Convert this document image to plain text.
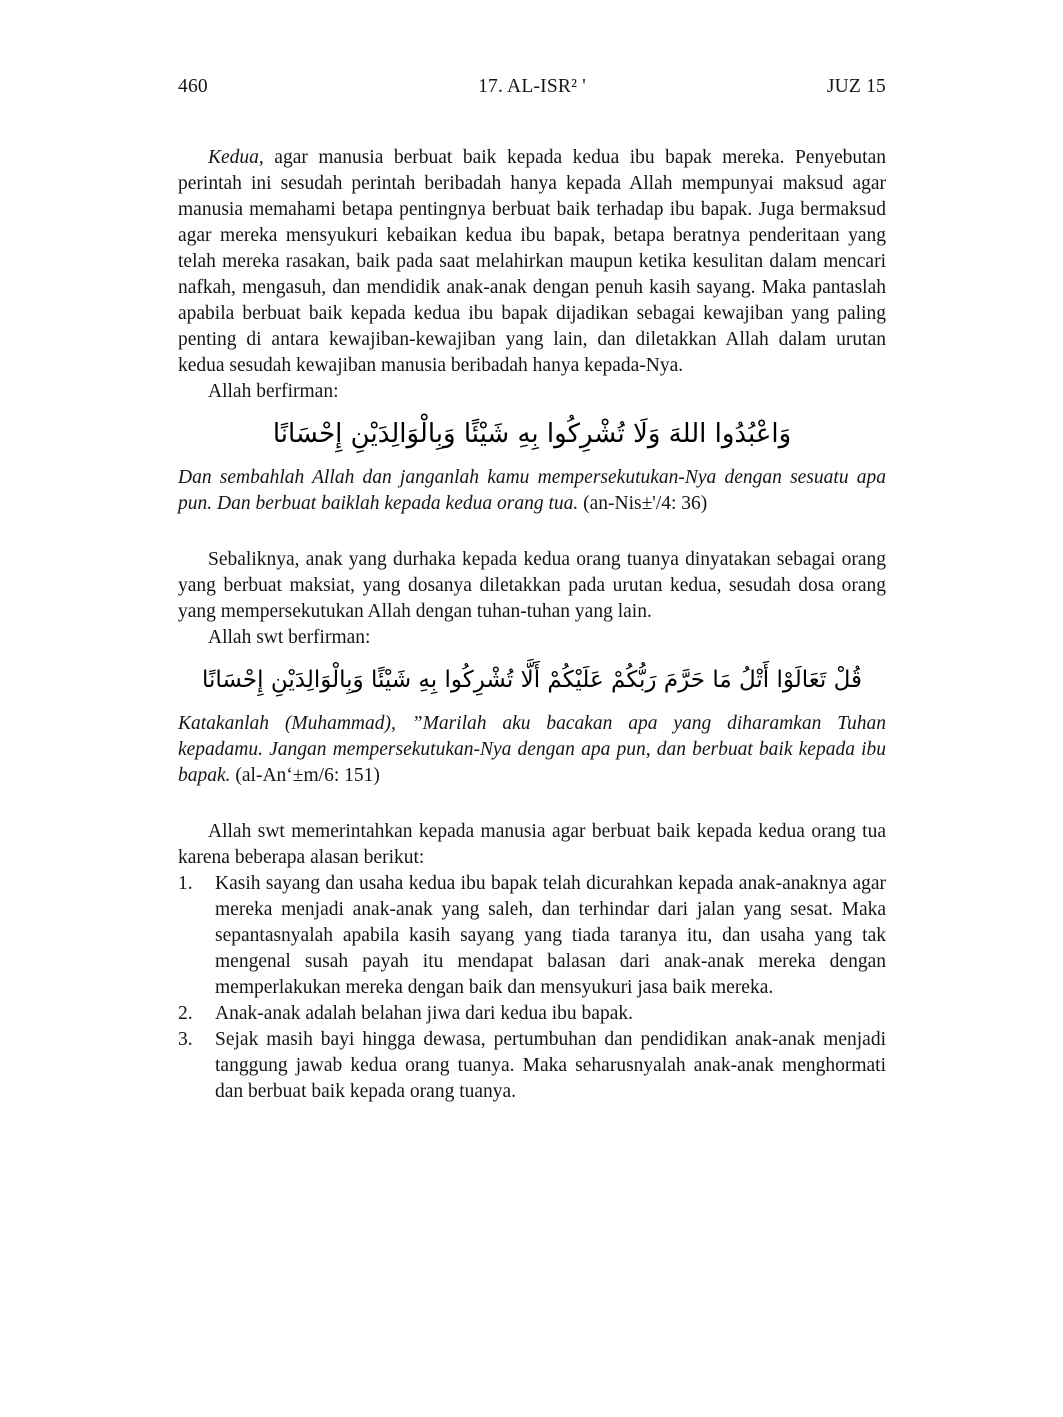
460	17. AL-ISR² '	JUZ 15

Kedua, agar manusia berbuat baik kepada kedua ibu bapak mereka. Penyebutan perintah ini sesudah perintah beribadah hanya kepada Allah mempunyai maksud agar manusia memahami betapa pentingnya berbuat baik terhadap ibu bapak. Juga bermaksud agar mereka mensyukuri kebaikan kedua ibu bapak, betapa beratnya penderitaan yang telah mereka rasakan, baik pada saat melahirkan maupun ketika kesulitan dalam mencari nafkah, mengasuh, dan mendidik anak-anak dengan penuh kasih sayang. Maka pantaslah apabila berbuat baik kepada kedua ibu bapak dijadikan sebagai kewajiban yang paling penting di antara kewajiban-kewajiban yang lain, dan diletakkan Allah dalam urutan kedua sesudah kewajiban manusia beribadah hanya kepada-Nya.

Allah berfirman:

وَاعْبُدُوا اللهَ وَلَا تُشْرِكُوا بِهِ شَيْئًا وَبِالْوَالِدَيْنِ إِحْسَانًا

Dan sembahlah Allah dan janganlah kamu mempersekutukan-Nya dengan sesuatu apa pun. Dan berbuat baiklah kepada kedua orang tua. (an-Nis±'/4: 36)

Sebaliknya, anak yang durhaka kepada kedua orang tuanya dinyatakan sebagai orang yang berbuat maksiat, yang dosanya diletakkan pada urutan kedua, sesudah dosa orang yang mempersekutukan Allah dengan tuhan-tuhan yang lain.

Allah swt berfirman:

قُلْ تَعَالَوْا أَتْلُ مَا حَرَّمَ رَبُّكُمْ عَلَيْكُمْ أَلَّا تُشْرِكُوا بِهِ شَيْئًا وَبِالْوَالِدَيْنِ إِحْسَانًا

Katakanlah (Muhammad), ”Marilah aku bacakan apa yang diharamkan Tuhan kepadamu. Jangan mempersekutukan-Nya dengan apa pun, dan berbuat baik kepada ibu bapak. (al-An‘±m/6: 151)

Allah swt memerintahkan kepada manusia agar berbuat baik kepada kedua orang tua karena beberapa alasan berikut:

1.	Kasih sayang dan usaha kedua ibu bapak telah dicurahkan kepada anak-anaknya agar mereka menjadi anak-anak yang saleh, dan terhindar dari jalan yang sesat. Maka sepantasnyalah apabila kasih sayang yang tiada taranya itu, dan usaha yang tak mengenal susah payah itu mendapat balasan dari anak-anak mereka dengan memperlakukan mereka dengan baik dan mensyukuri jasa baik mereka.
2.	Anak-anak adalah belahan jiwa dari kedua ibu bapak.
3.	Sejak masih bayi hingga dewasa, pertumbuhan dan pendidikan anak-anak menjadi tanggung jawab kedua orang tuanya. Maka seharusnyalah anak-anak menghormati dan berbuat baik kepada orang tuanya.
